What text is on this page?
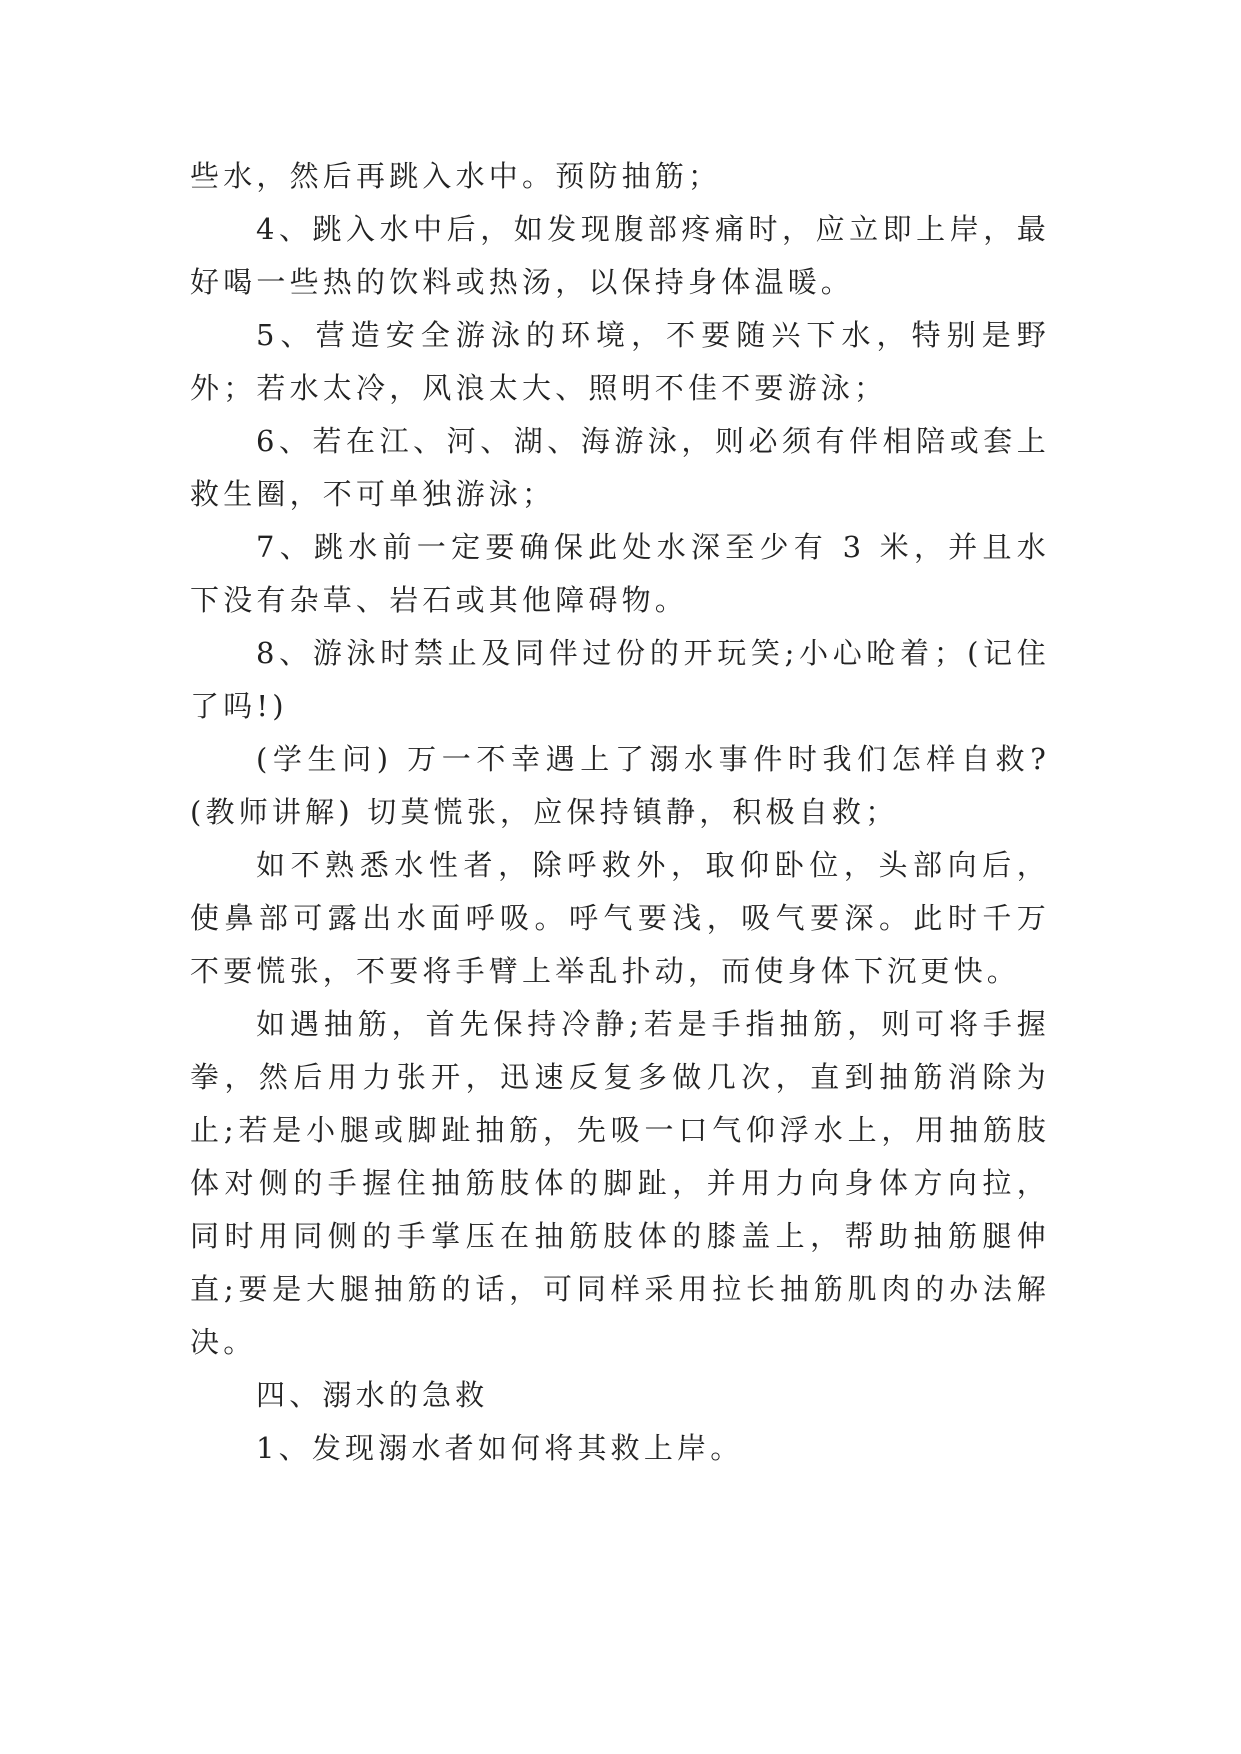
些水，然后再跳入水中。预防抽筋；

4、跳入水中后，如发现腹部疼痛时，应立即上岸，最好喝一些热的饮料或热汤，以保持身体温暖。

5、营造安全游泳的环境，不要随兴下水，特别是野外；若水太冷，风浪太大、照明不佳不要游泳；

6、若在江、河、湖、海游泳，则必须有伴相陪或套上救生圈，不可单独游泳；

7、跳水前一定要确保此处水深至少有 3 米，并且水下没有杂草、岩石或其他障碍物。

8、游泳时禁止及同伴过份的开玩笑;小心呛着；(记住了吗!)

(学生问) 万一不幸遇上了溺水事件时我们怎样自救?(教师讲解) 切莫慌张，应保持镇静，积极自救；

如不熟悉水性者，除呼救外，取仰卧位，头部向后，使鼻部可露出水面呼吸。呼气要浅，吸气要深。此时千万不要慌张，不要将手臂上举乱扑动，而使身体下沉更快。

如遇抽筋，首先保持冷静;若是手指抽筋，则可将手握拳，然后用力张开，迅速反复多做几次，直到抽筋消除为止;若是小腿或脚趾抽筋，先吸一口气仰浮水上，用抽筋肢体对侧的手握住抽筋肢体的脚趾，并用力向身体方向拉，同时用同侧的手掌压在抽筋肢体的膝盖上，帮助抽筋腿伸直;要是大腿抽筋的话，可同样采用拉长抽筋肌肉的办法解决。

四、溺水的急救

1、发现溺水者如何将其救上岸。
